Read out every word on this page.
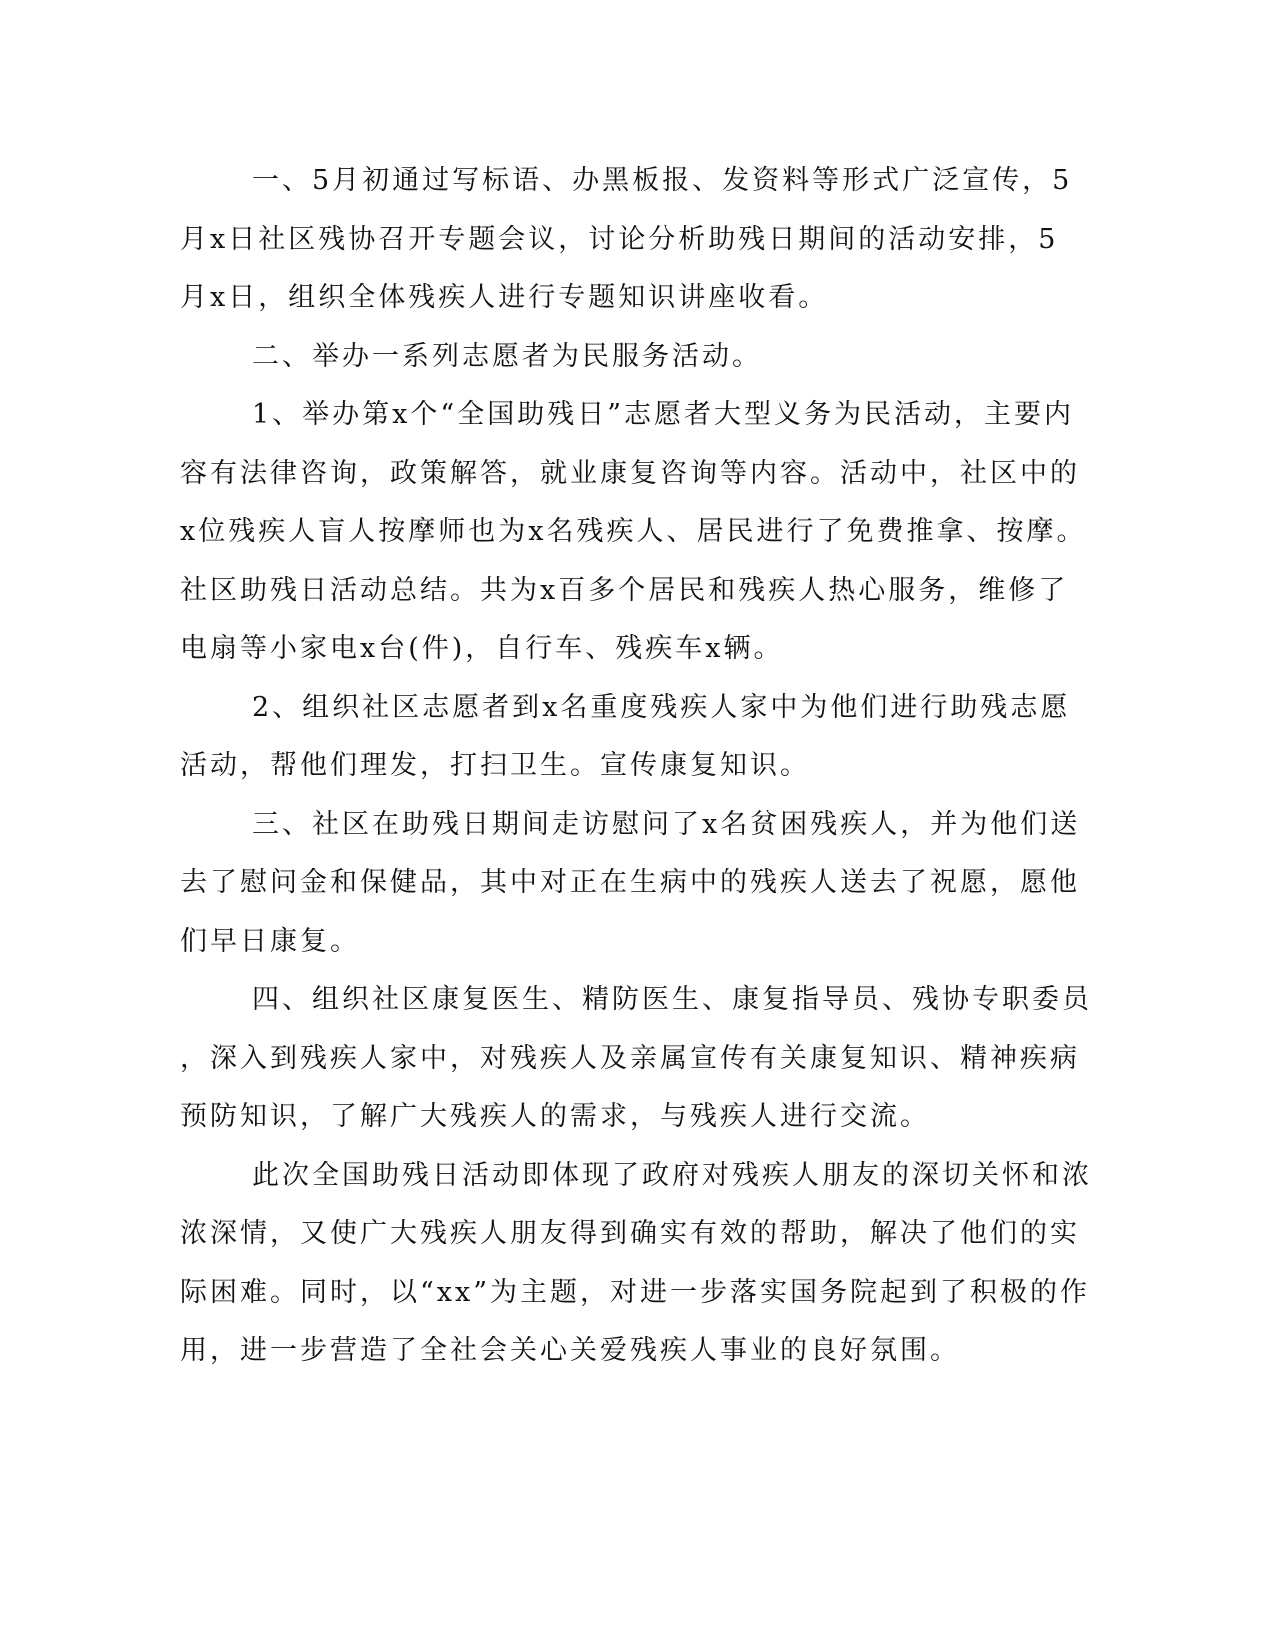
一、5月初通过写标语、办黑板报、发资料等形式广泛宣传，5
月x日社区残协召开专题会议，讨论分析助残日期间的活动安排，5
月x日，组织全体残疾人进行专题知识讲座收看。

二、举办一系列志愿者为民服务活动。

1、举办第x个“全国助残日”志愿者大型义务为民活动，主要内
容有法律咨询，政策解答，就业康复咨询等内容。活动中，社区中的
x位残疾人盲人按摩师也为x名残疾人、居民进行了免费推拿、按摩。
社区助残日活动总结。共为x百多个居民和残疾人热心服务，维修了
电扇等小家电x台(件)，自行车、残疾车x辆。

2、组织社区志愿者到x名重度残疾人家中为他们进行助残志愿
活动，帮他们理发，打扫卫生。宣传康复知识。

三、社区在助残日期间走访慰问了x名贫困残疾人，并为他们送
去了慰问金和保健品，其中对正在生病中的残疾人送去了祝愿，愿他
们早日康复。

四、组织社区康复医生、精防医生、康复指导员、残协专职委员
，深入到残疾人家中，对残疾人及亲属宣传有关康复知识、精神疾病
预防知识，了解广大残疾人的需求，与残疾人进行交流。

此次全国助残日活动即体现了政府对残疾人朋友的深切关怀和浓
浓深情，又使广大残疾人朋友得到确实有效的帮助，解决了他们的实
际困难。同时，以“xx”为主题，对进一步落实国务院起到了积极的作
用，进一步营造了全社会关心关爱残疾人事业的良好氛围。
